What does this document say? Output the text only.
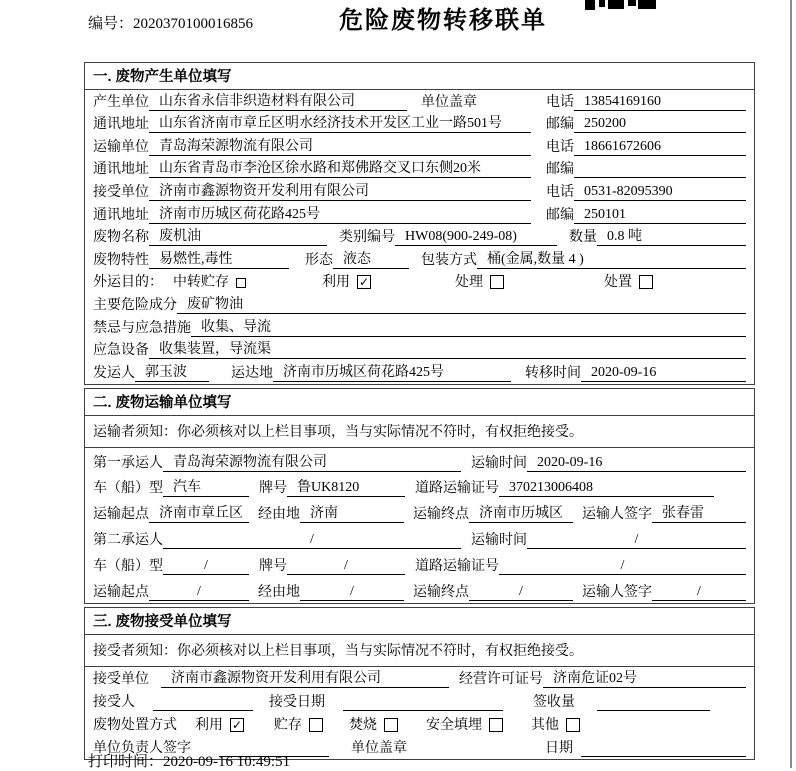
编号：2020370100016856	危险废物转移联单
一. 废物产生单位填写
产生单位 山东省永信非织造材料有限公司	单位盖章	电话 13854169160
通讯地址 山东省济南市章丘区明水经济技术开发区工业一路501号	邮编 250200
运输单位 青岛海荣源物流有限公司	电话 18661672606
通讯地址 山东省青岛市李沧区徐水路和郑佛路交叉口东侧20米	邮编
接受单位 济南市鑫源物资开发利用有限公司	电话 0531-82095390
通讯地址 济南市历城区荷花路425号	邮编 250101
废物名称 废机油	类别编号 HW08(900-249-08)	数量 0.8 吨
废物特性 易燃性,毒性	形态 液态	包装方式 桶(金属,数量 4 )
外运目的： 中转贮存	利用 ✓	处理	处置
主要危险成分 废矿物油
禁忌与应急措施 收集、导流
应急设备 收集装置，导流渠
发运人 郭玉波	运达地 济南市历城区荷花路425号	转移时间 2020-09-16
二. 废物运输单位填写
运输者须知：你必须核对以上栏目事项，当与实际情况不符时，有权拒绝接受。
第一承运人 青岛海荣源物流有限公司	运输时间 2020-09-16
车（船）型 汽车	牌号 鲁UK8120	道路运输证号 370213006408
运输起点 济南市章丘区	经由地 济南	运输终点 济南市历城区	运输人签字 张春雷
第二承运人	/	运输时间	/
车（船）型	/	牌号	/	道路运输证号	/
运输起点	/	经由地	/	运输终点	/	运输人签字	/
三. 废物接受单位填写
接受者须知：你必须核对以上栏目事项，当与实际情况不符时，有权拒绝接受。
接受单位	济南市鑫源物资开发利用有限公司	经营许可证号 济南危证02号
接受人	接受日期	签收量
废物处置方式 利用 ✓ 贮存	焚烧	安全填埋	其他
单位负责人签字	单位盖章	日期
打印时间：2020-09-16 10:49:51
